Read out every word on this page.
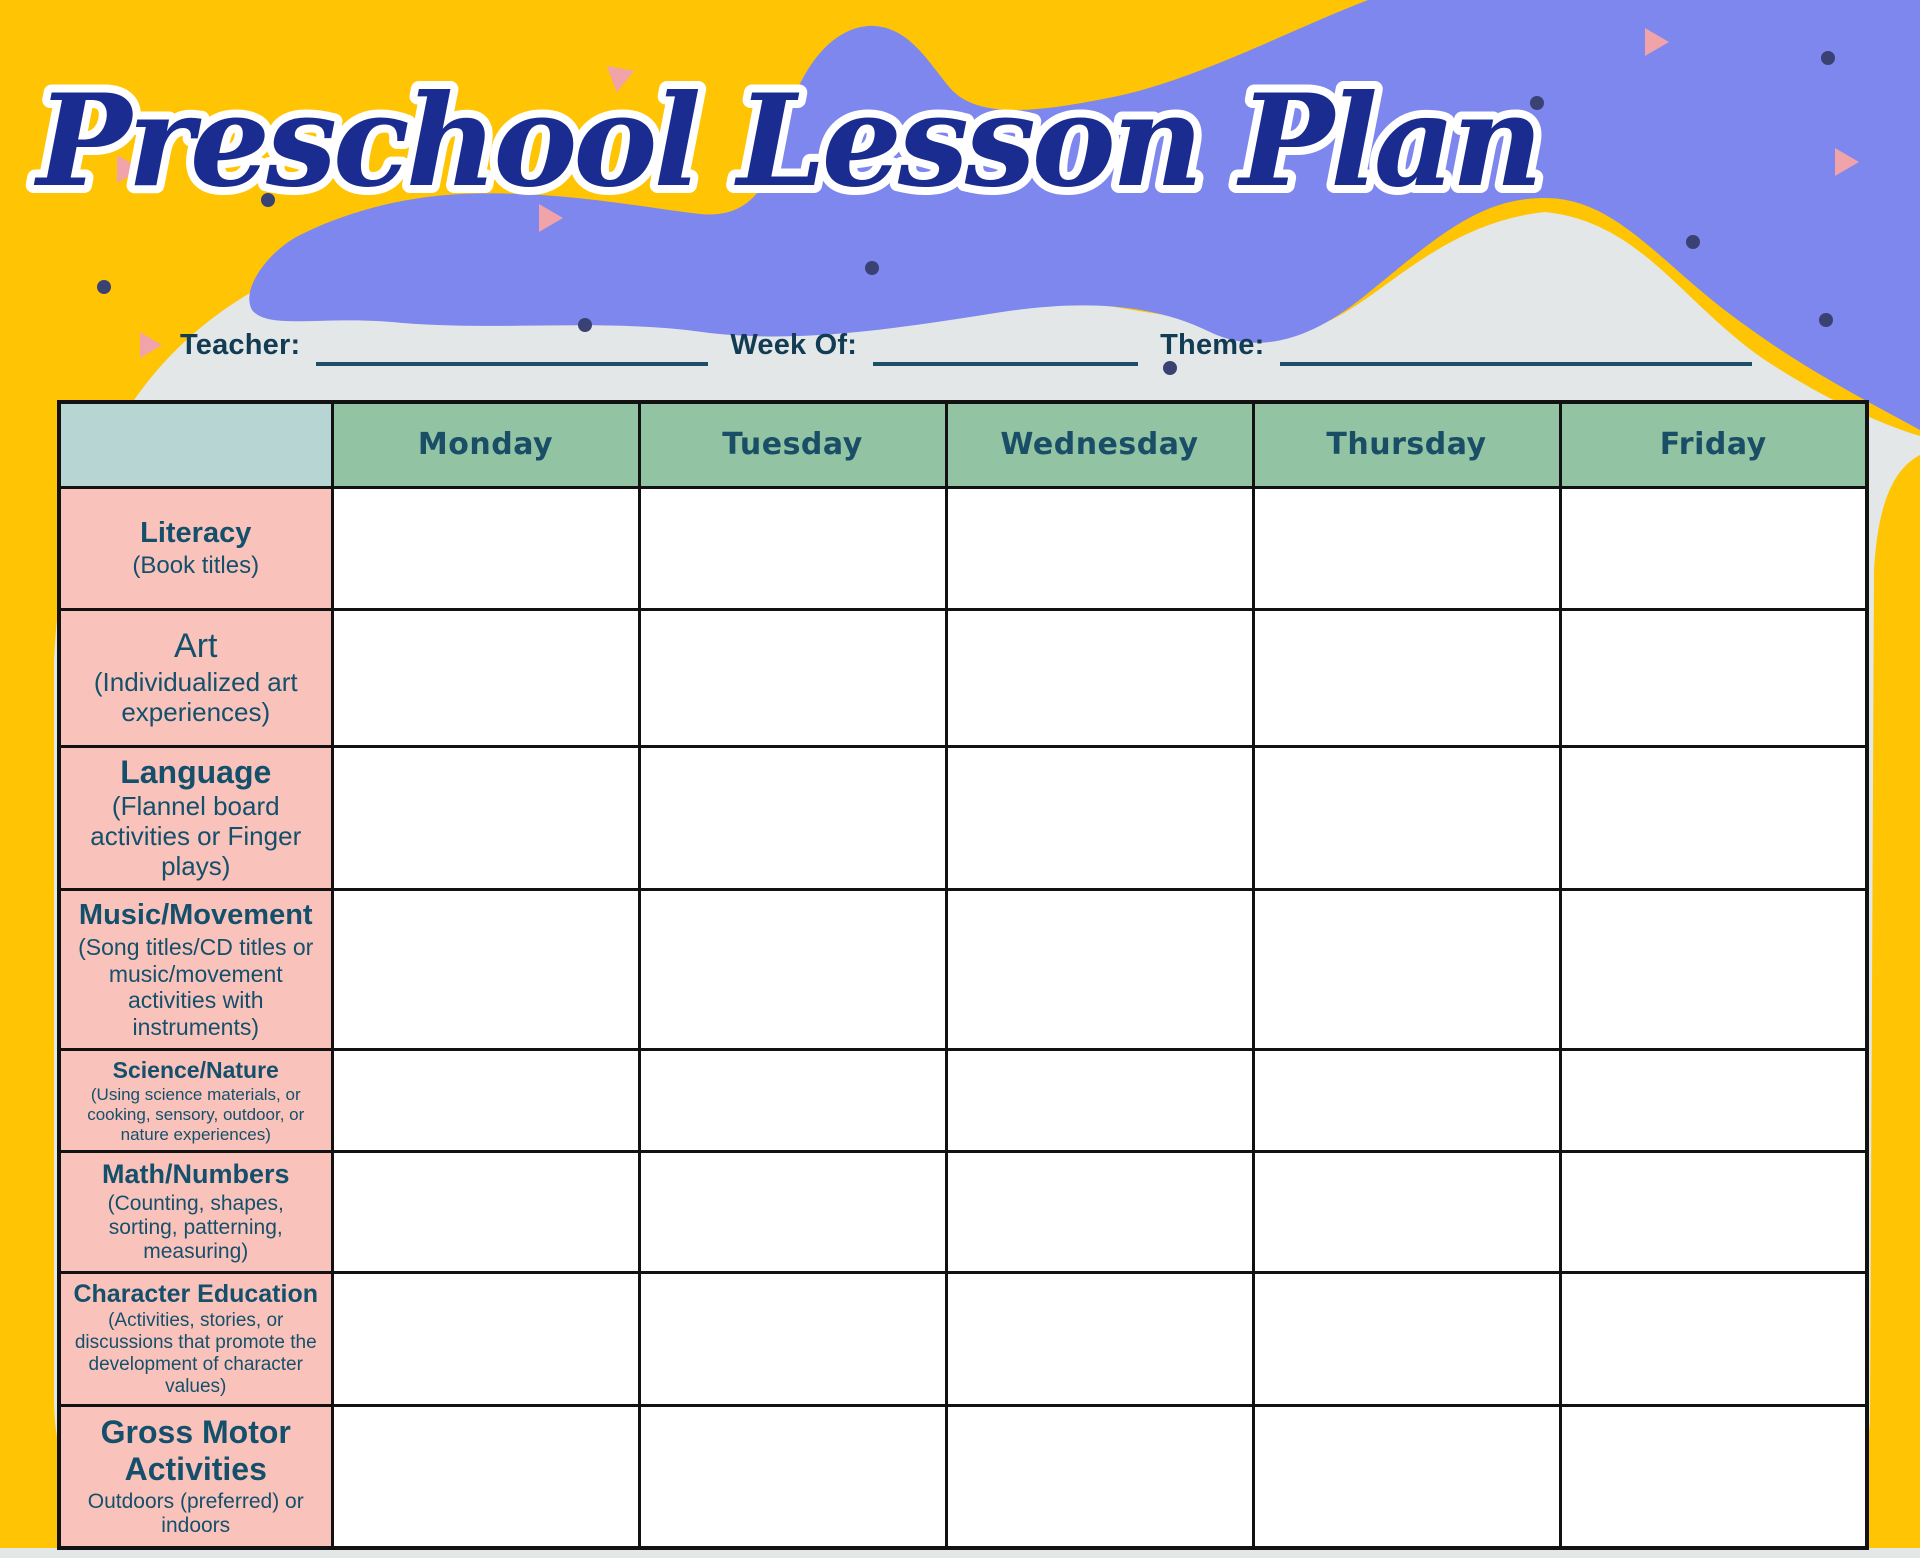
Preschool Lesson Plan
Teacher:	Week Of:	Theme:
	Monday	Tuesday	Wednesday	Thursday	Friday

Literacy
(Book titles)					

Art
(Individualized art experiences)					

Language
(Flannel board activities or Finger plays)					

Music/Movement
(Song titles/CD titles or music/movement activities with instruments)					

Science/Nature
(Using science materials, or cooking, sensory, outdoor, or nature experiences)					

Math/Numbers
(Counting, shapes, sorting, patterning, measuring)					

Character Education
(Activities, stories, or discussions that promote the development of character values)					

Gross Motor Activities
Outdoors (preferred) or indoors					
